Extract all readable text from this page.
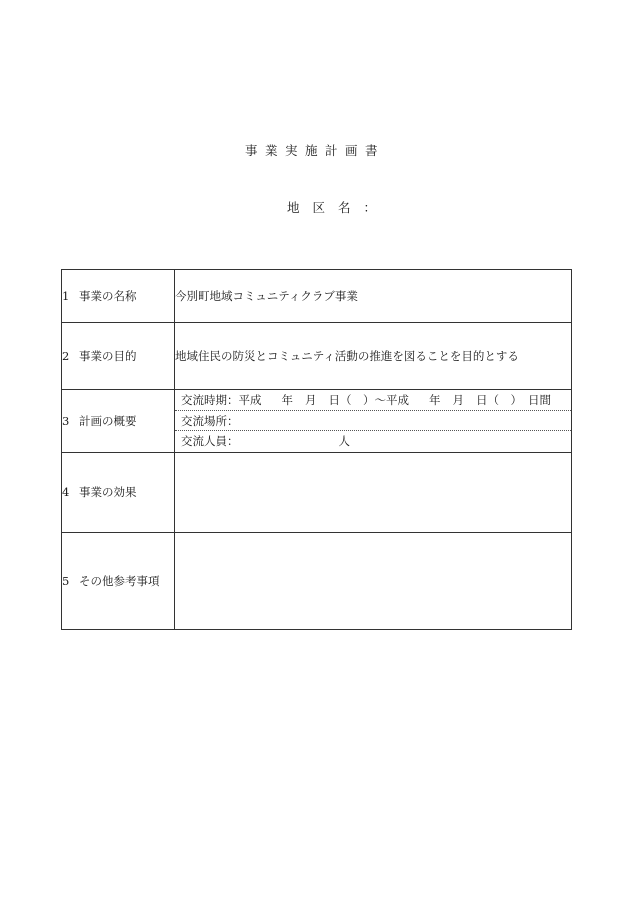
事業実施計画書
地区名：
1 事業の名称	今別町地域コミュニティクラブ事業
2 事業の目的	地域住民の防災とコミュニティ活動の推進を図ることを目的とする
3 計画の概要	交流時期：平成 年 月 日（　）〜平成 年 月 日（　） 日間
交流場所：
交流人員： 人

4 事業の効果	
5 その他参考事項	
